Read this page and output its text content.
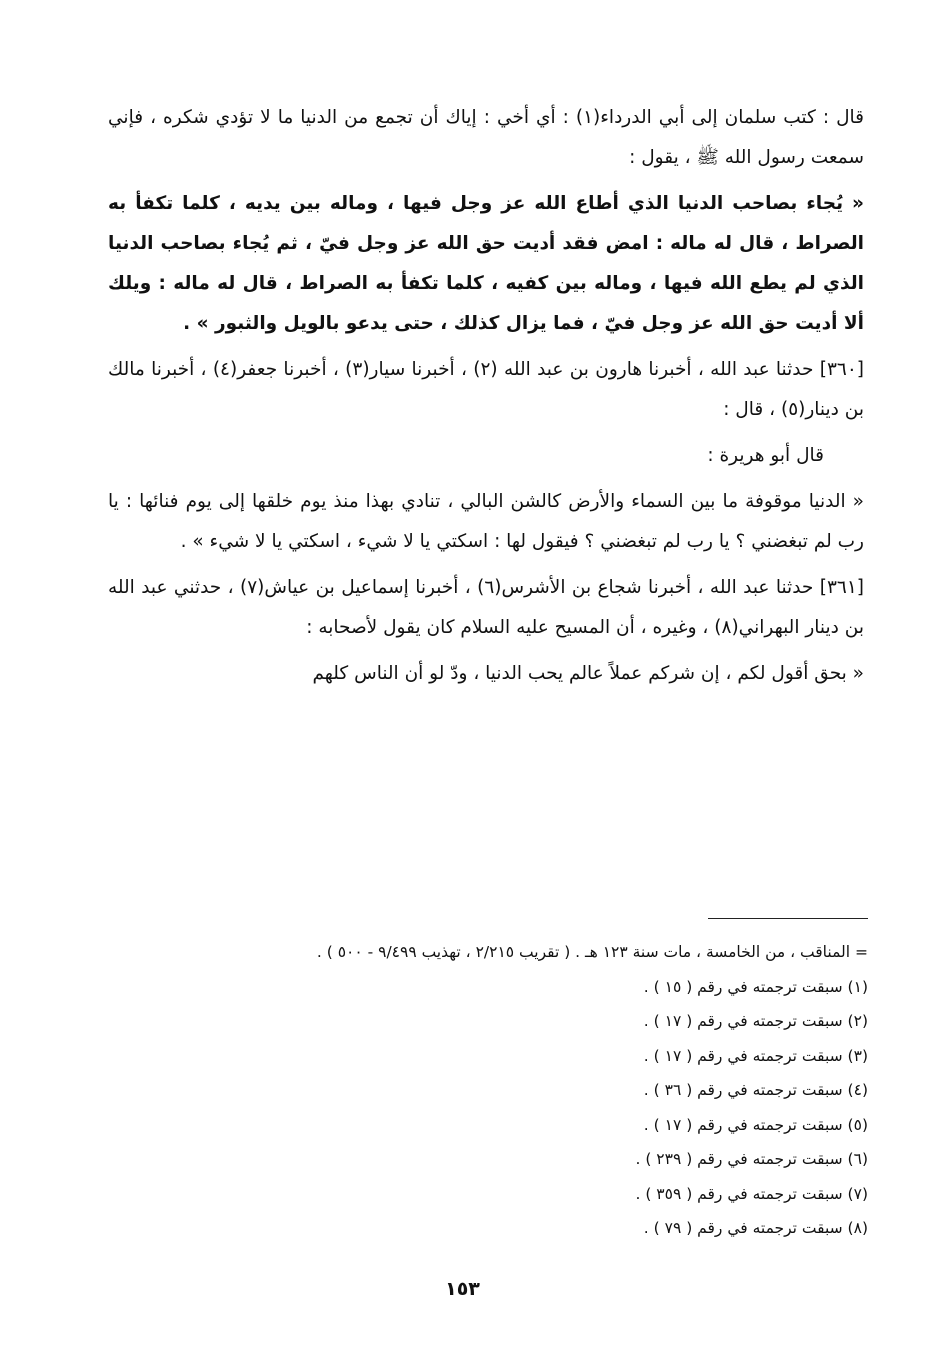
قال : كتب سلمان إلى أبي الدرداء(١) : أي أخي : إياك أن تجمع من الدنيا ما لا تؤدي شكره ، فإني سمعت رسول الله ﷺ ، يقول :

« يُجاء بصاحب الدنيا الذي أطاع الله عز وجل فيها ، وماله بين يديه ، كلما تكفأ به الصراط ، قال له ماله : امض فقد أديت حق الله عز وجل فيّ ، ثم يُجاء بصاحب الدنيا الذي لم يطع الله فيها ، وماله بين كفيه ، كلما تكفأ به الصراط ، قال له ماله : ويلك ألا أديت حق الله عز وجل فيّ ، فما يزال كذلك ، حتى يدعو بالويل والثبور » .

[٣٦٠] حدثنا عبد الله ، أخبرنا هارون بن عبد الله (٢) ، أخبرنا سيار(٣) ، أخبرنا جعفر(٤) ، أخبرنا مالك بن دينار(٥) ، قال :

قال أبو هريرة :

« الدنيا موقوفة ما بين السماء والأرض كالشن البالي ، تنادي بهذا منذ يوم خلقها إلى يوم فنائها : يا رب لم تبغضني ؟ يا رب لم تبغضني ؟ فيقول لها : اسكتي يا لا شيء ، اسكتي يا لا شيء » .

[٣٦١] حدثنا عبد الله ، أخبرنا شجاع بن الأشرس(٦) ، أخبرنا إسماعيل بن عياش(٧) ، حدثني عبد الله بن دينار البهراني(٨) ، وغيره ، أن المسيح عليه السلام كان يقول لأصحابه :

« بحق أقول لكم ، إن شركم عملاً عالم يحب الدنيا ، ودّ لو أن الناس كلهم

= المناقب ، من الخامسة ، مات سنة ١٢٣ هـ . ( تقريب ٢/٢١٥ ، تهذيب ٩/٤٩٩ - ٥٠٠ ) .
(١) سبقت ترجمته في رقم ( ١٥ ) .
(٢) سبقت ترجمته في رقم ( ١٧ ) .
(٣) سبقت ترجمته في رقم ( ١٧ ) .
(٤) سبقت ترجمته في رقم ( ٣٦ ) .
(٥) سبقت ترجمته في رقم ( ١٧ ) .
(٦) سبقت ترجمته في رقم ( ٢٣٩ ) .
(٧) سبقت ترجمته في رقم ( ٣٥٩ ) .
(٨) سبقت ترجمته في رقم ( ٧٩ ) .
١٥٣
